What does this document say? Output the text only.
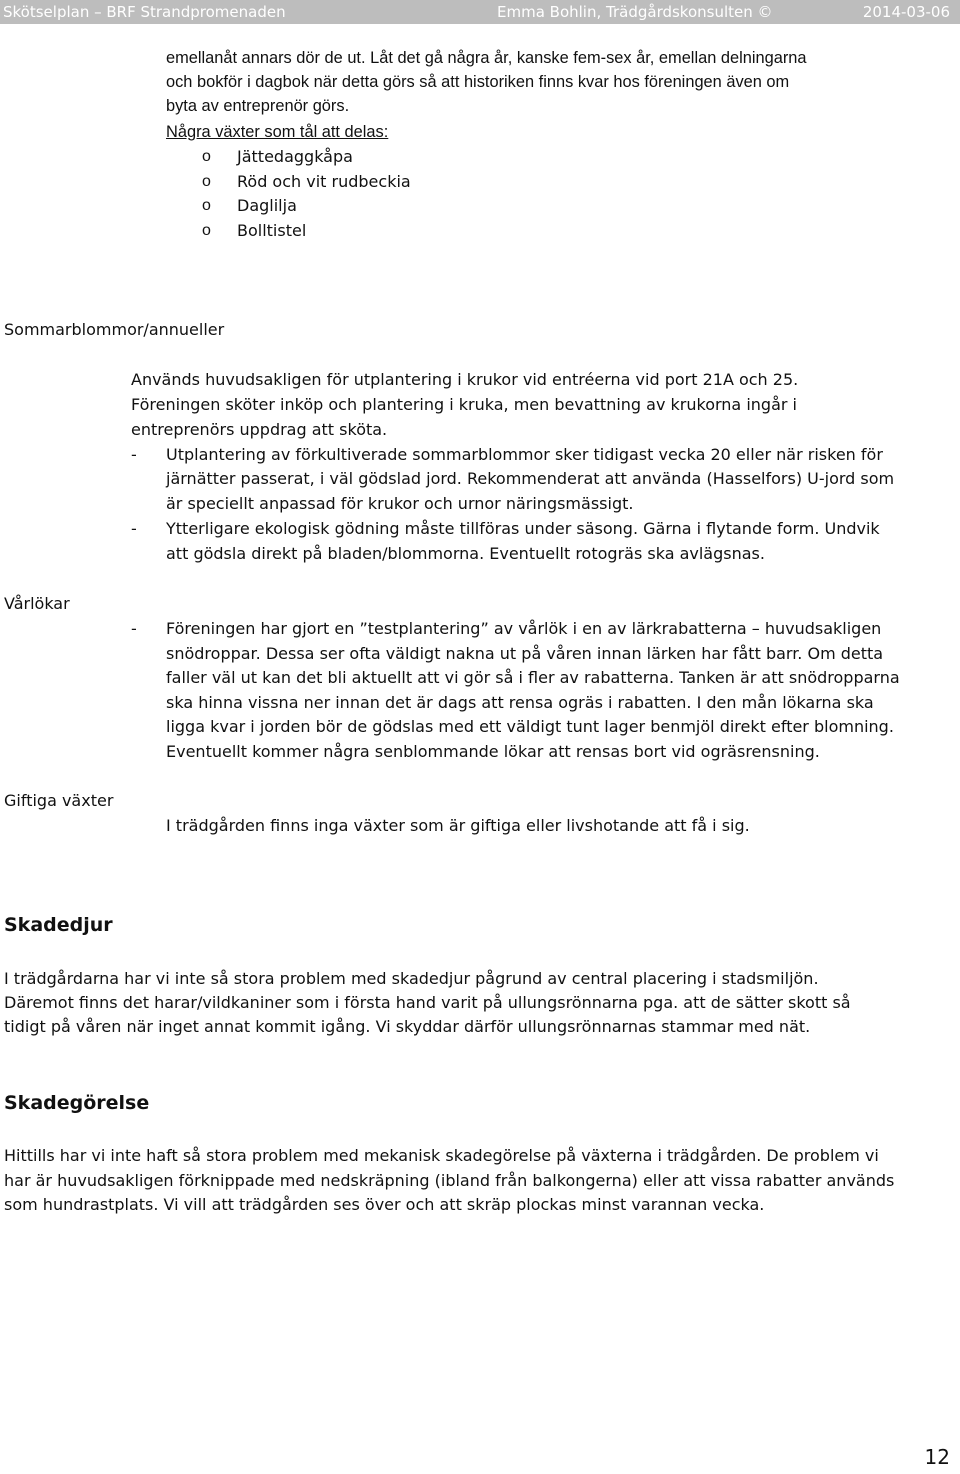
Skötselplan – BRF Strandpromenaden	Emma Bohlin, Trädgårdskonsulten ©	2014-03-06
emellanåt annars dör de ut. Låt det gå några år, kanske fem-sex år, emellan delningarna
och bokför i dagbok när detta görs så att historiken finns kvar hos föreningen även om
byta av entreprenör görs.
Några växter som tål att delas:
o Jättedaggkåpa
o Röd och vit rudbeckia
o Daglilja
o Bolltistel
Sommarblommor/annueller
Används huvudsakligen för utplantering i krukor vid entréerna vid port 21A och 25.
Föreningen sköter inköp och plantering i kruka, men bevattning av krukorna ingår i
entreprenörs uppdrag att sköta.
- Utplantering av förkultiverade sommarblommor sker tidigast vecka 20 eller när risken för
järnätter passerat, i väl gödslad jord. Rekommenderat att använda (Hasselfors) U-jord som
är speciellt anpassad för krukor och urnor näringsmässigt.
- Ytterligare ekologisk gödning måste tillföras under säsong. Gärna i flytande form. Undvik
att gödsla direkt på bladen/blommorna. Eventuellt rotogräs ska avlägsnas.
Vårlökar
- Föreningen har gjort en ”testplantering” av vårlök i en av lärkrabatterna – huvudsakligen
snödroppar. Dessa ser ofta väldigt nakna ut på våren innan lärken har fått barr. Om detta
faller väl ut kan det bli aktuellt att vi gör så i fler av rabatterna. Tanken är att snödropparna
ska hinna vissna ner innan det är dags att rensa ogräs i rabatten. I den mån lökarna ska
ligga kvar i jorden bör de gödslas med ett väldigt tunt lager benmjöl direkt efter blomning.
Eventuellt kommer några senblommande lökar att rensas bort vid ogräsrensning.
Giftiga växter
I trädgården finns inga växter som är giftiga eller livshotande att få i sig.
Skadedjur
I trädgårdarna har vi inte så stora problem med skadedjur pågrund av central placering i stadsmiljön.
Däremot finns det harar/vildkaniner som i första hand varit på ullungsrönnarna pga. att de sätter skott så
tidigt på våren när inget annat kommit igång. Vi skyddar därför ullungsrönnarnas stammar med nät.
Skadegörelse
Hittills har vi inte haft så stora problem med mekanisk skadegörelse på växterna i trädgården. De problem vi
har är huvudsakligen förknippade med nedskräpning (ibland från balkongerna) eller att vissa rabatter används
som hundrastplats. Vi vill att trädgården ses över och att skräp plockas minst varannan vecka.
12
